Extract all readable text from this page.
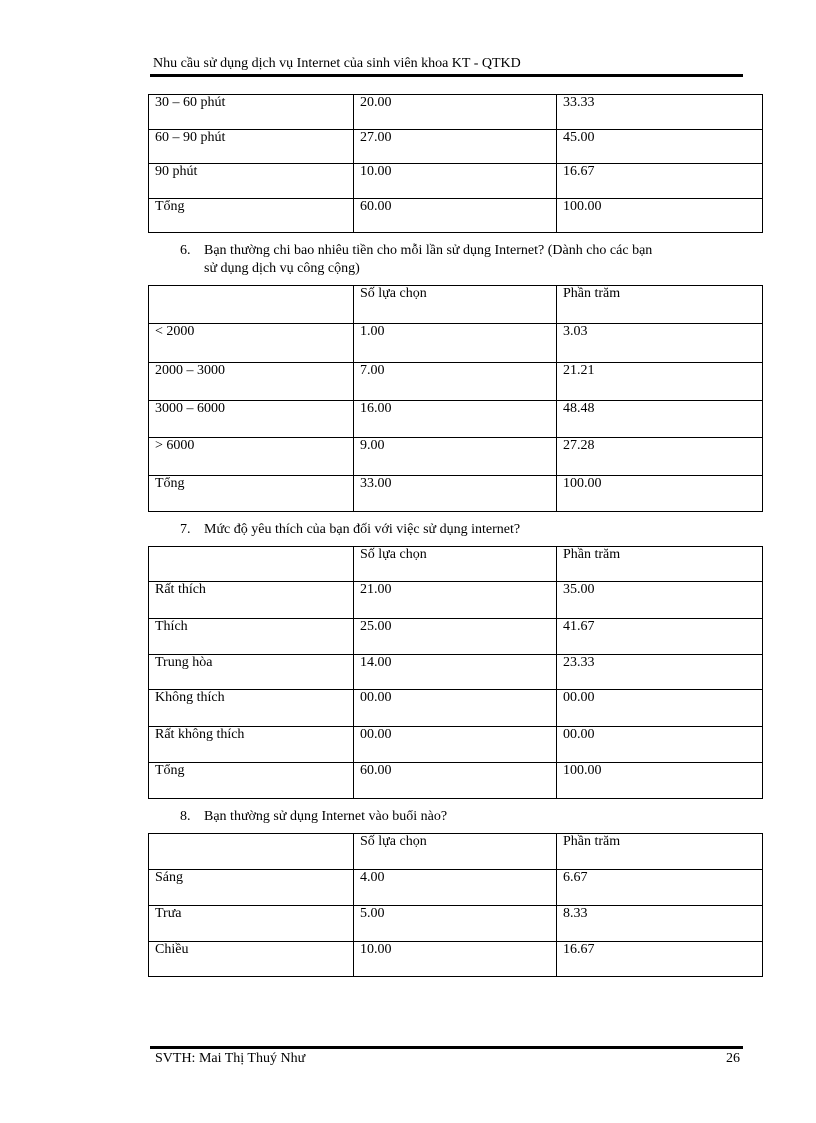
Nhu cầu sử dụng dịch vụ Internet của sinh viên khoa KT - QTKD
30 – 60 phút	20.00	33.33
60 – 90 phút	27.00	45.00
90 phút	10.00	16.67
Tổng	60.00	100.00
6. Bạn thường chi bao nhiêu tiền cho mỗi lần sử dụng Internet? (Dành cho các bạn
sử dụng dịch vụ công cộng)
	Số lựa chọn	Phần trăm
< 2000	1.00	3.03
2000 – 3000	7.00	21.21
3000 – 6000	16.00	48.48
> 6000	9.00	27.28
Tổng	33.00	100.00
7. Mức độ yêu thích của bạn đối với việc sử dụng internet?
	Số lựa chọn	Phần trăm
Rất thích	21.00	35.00
Thích	25.00	41.67
Trung hòa	14.00	23.33
Không thích	00.00	00.00
Rất không thích	00.00	00.00
Tổng	60.00	100.00
8. Bạn thường sử dụng Internet vào buổi nào?
	Số lựa chọn	Phần trăm
Sáng	4.00	6.67
Trưa	5.00	8.33
Chiều	10.00	16.67
SVTH: Mai Thị Thuý Như	26
